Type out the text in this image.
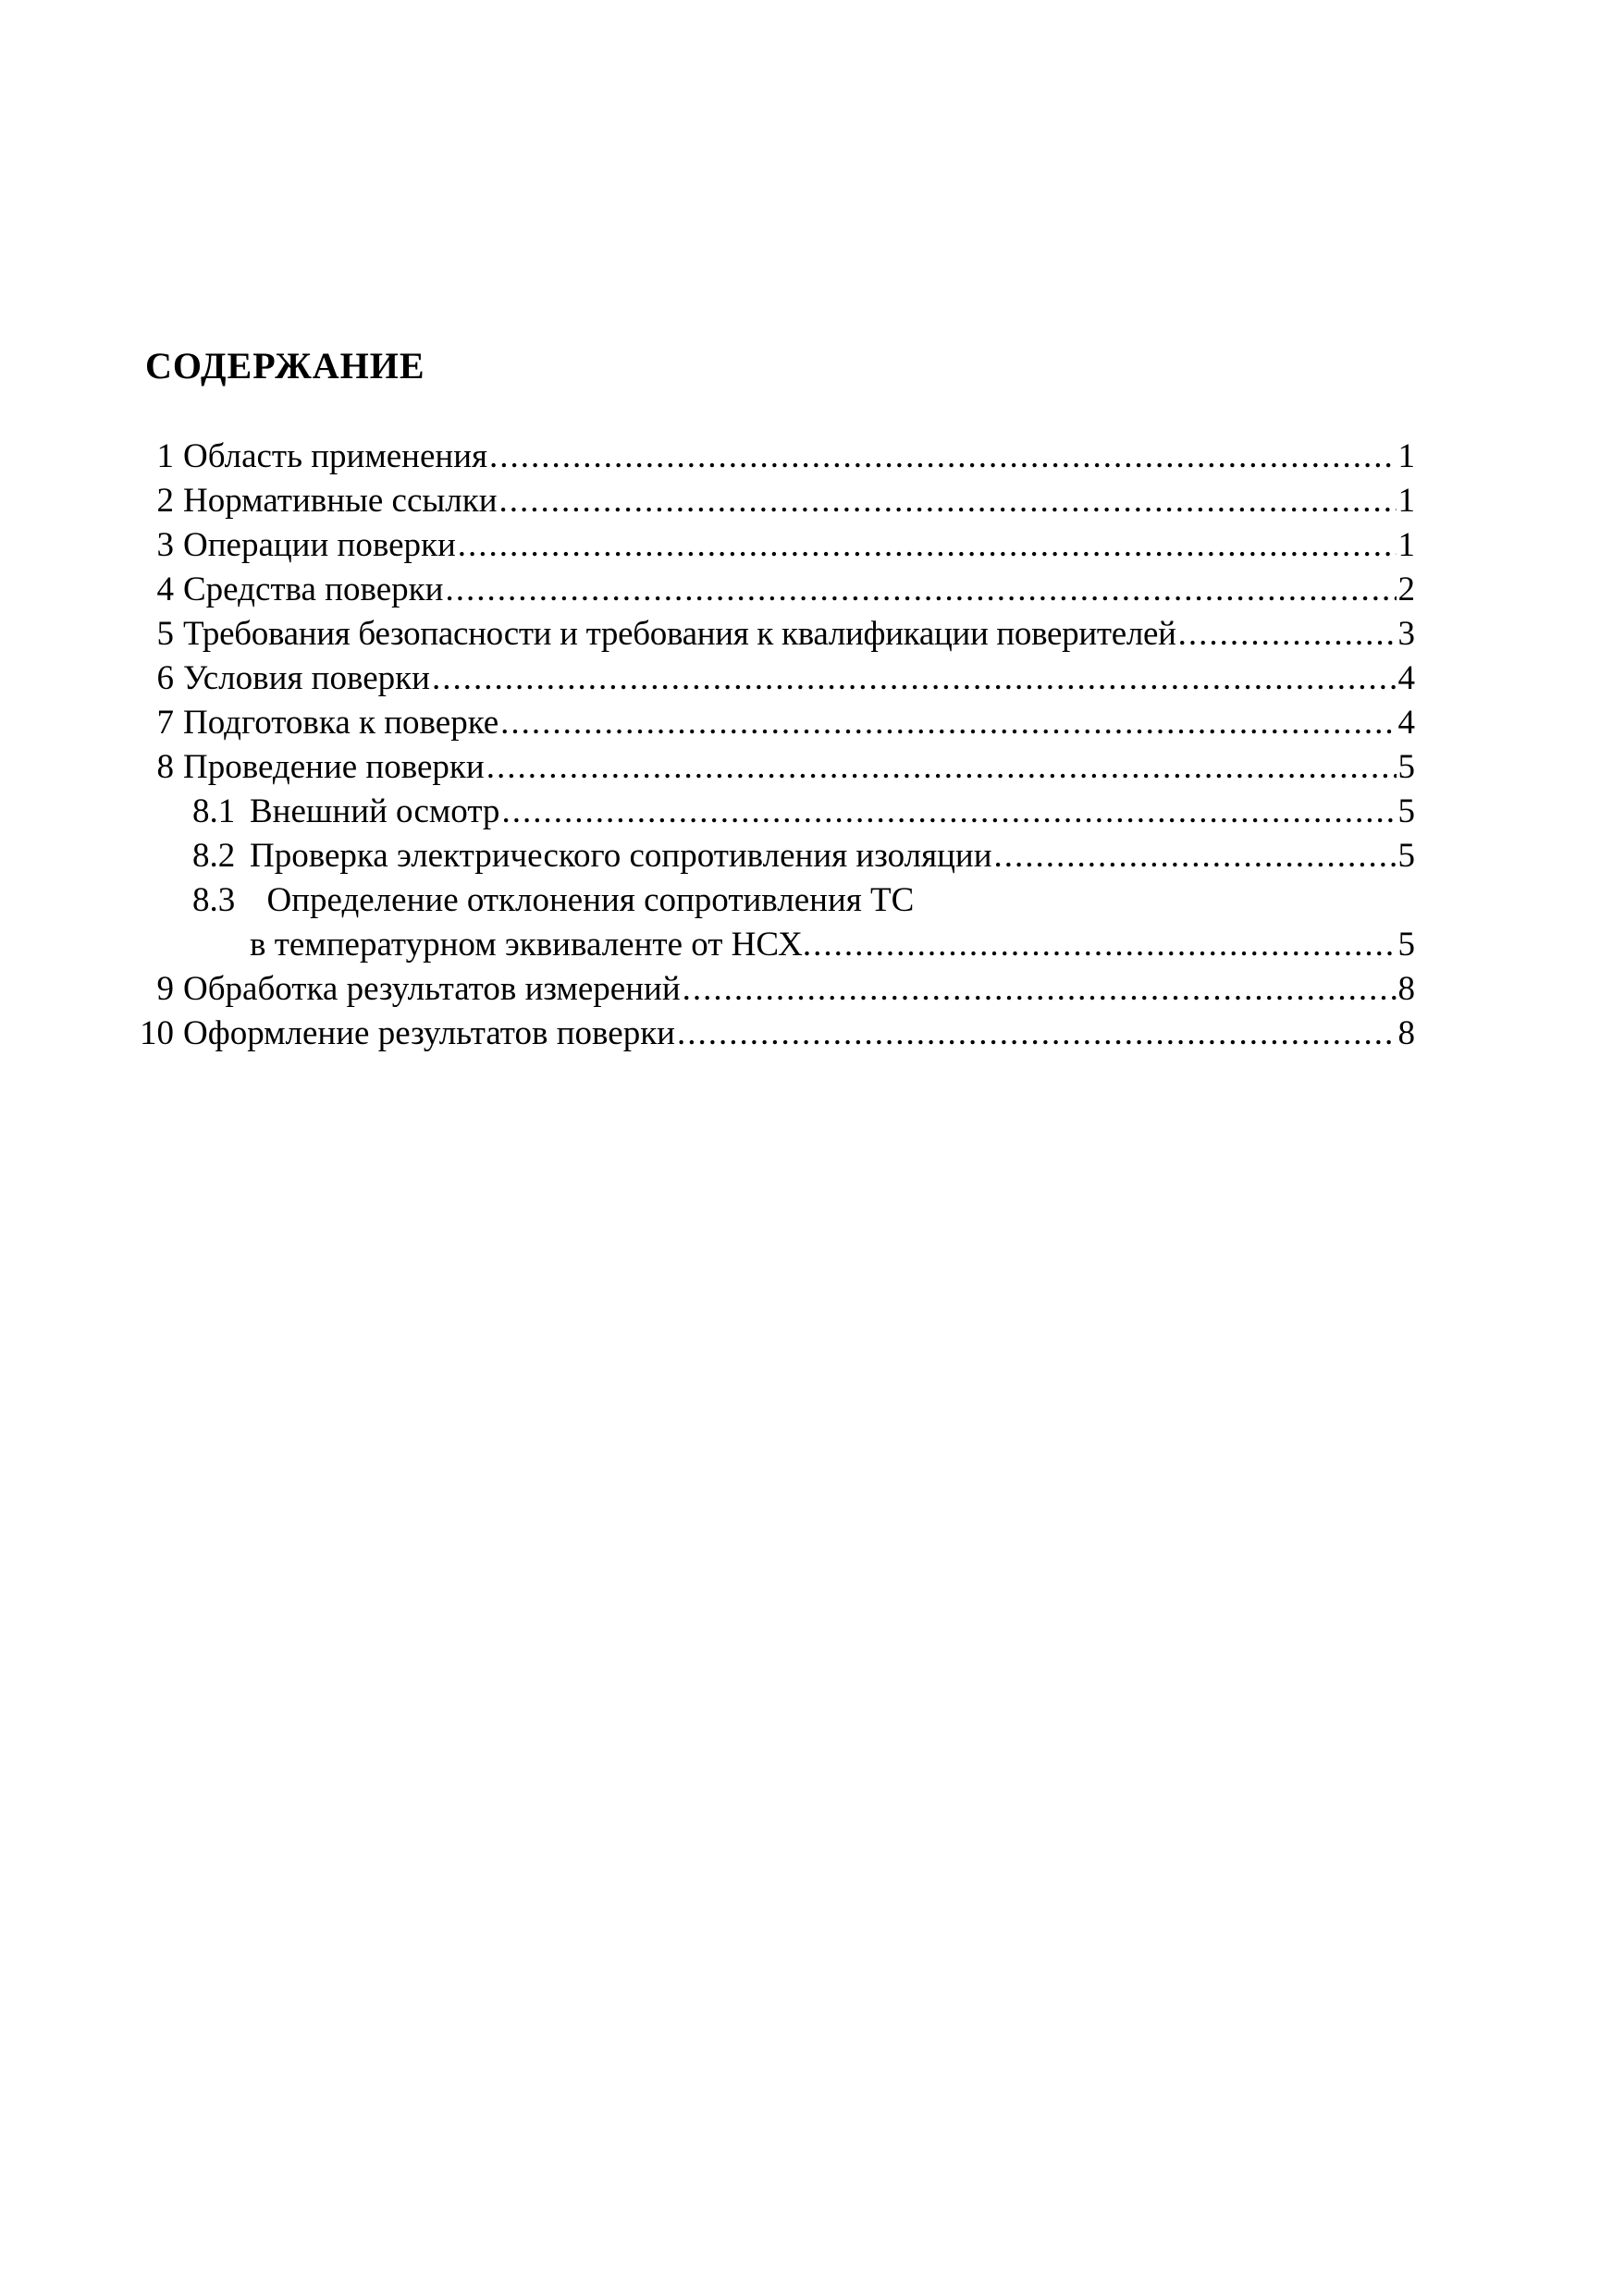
СОДЕРЖАНИЕ
1 Область применения .....	1
2 Нормативные ссылки .....	1
3 Операции поверки .....	1
4 Средства поверки .....	2
5 Требования безопасности и требования к квалификации поверителей .....	3
6 Условия поверки .....	4
7 Подготовка к поверке .....	4
8 Проведение поверки .....	5
8.1 Внешний осмотр .....	5
8.2 Проверка электрического сопротивления изоляции .....	5
8.3 Определение отклонения сопротивления ТС
в температурном эквиваленте от НСХ. .....	5
9 Обработка результатов измерений .....	8
10 Оформление результатов поверки .....	8
